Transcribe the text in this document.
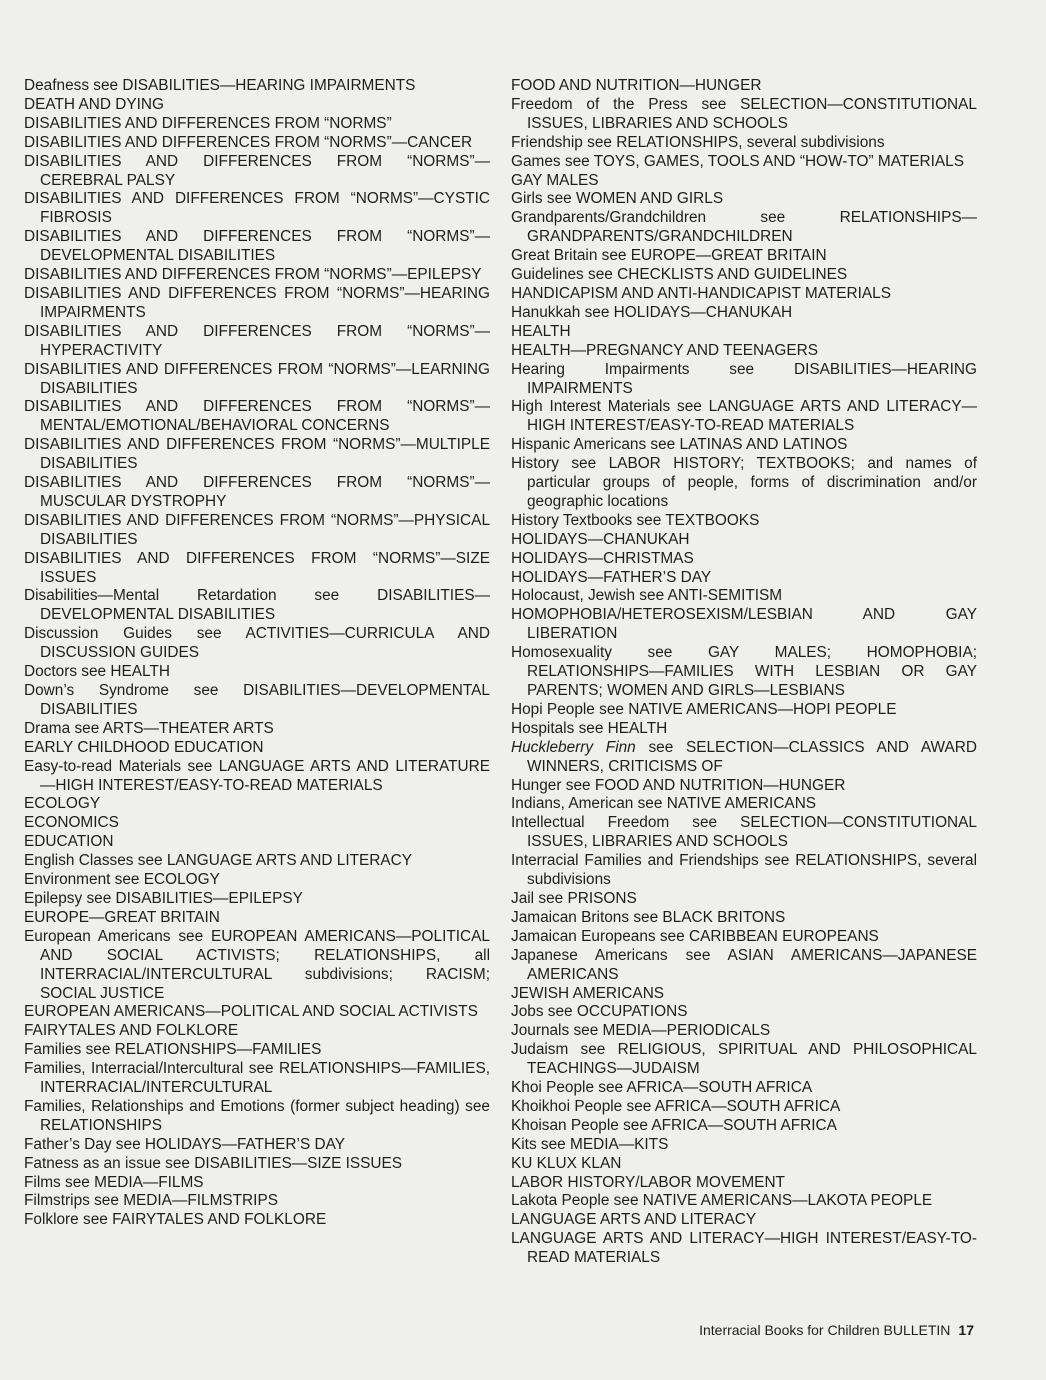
Deafness see DISABILITIES—HEARING IMPAIRMENTS

DEATH AND DYING

DISABILITIES AND DIFFERENCES FROM “NORMS”

DISABILITIES AND DIFFERENCES FROM “NORMS”—CANCER

DISABILITIES AND DIFFERENCES FROM “NORMS”—CEREBRAL PALSY

DISABILITIES AND DIFFERENCES FROM “NORMS”—CYSTIC FIBROSIS

DISABILITIES AND DIFFERENCES FROM “NORMS”—DEVELOPMENTAL DISABILITIES

DISABILITIES AND DIFFERENCES FROM “NORMS”—EPILEPSY

DISABILITIES AND DIFFERENCES FROM “NORMS”—HEARING IMPAIRMENTS

DISABILITIES AND DIFFERENCES FROM “NORMS”—HYPERACTIVITY

DISABILITIES AND DIFFERENCES FROM “NORMS”—LEARNING DISABILITIES

DISABILITIES AND DIFFERENCES FROM “NORMS”—MENTAL/EMOTIONAL/BEHAVIORAL CONCERNS

DISABILITIES AND DIFFERENCES FROM “NORMS”—MULTIPLE DISABILITIES

DISABILITIES AND DIFFERENCES FROM “NORMS”—MUSCULAR DYSTROPHY

DISABILITIES AND DIFFERENCES FROM “NORMS”—PHYSICAL DISABILITIES

DISABILITIES AND DIFFERENCES FROM “NORMS”—SIZE ISSUES

Disabilities—Mental Retardation see DISABILITIES—DEVELOPMENTAL DISABILITIES

Discussion Guides see ACTIVITIES—CURRICULA AND DISCUSSION GUIDES

Doctors see HEALTH

Down’s Syndrome see DISABILITIES—DEVELOPMENTAL DISABILITIES

Drama see ARTS—THEATER ARTS

EARLY CHILDHOOD EDUCATION

Easy-to-read Materials see LANGUAGE ARTS AND LITERATURE—HIGH INTEREST/EASY-TO-READ MATERIALS

ECOLOGY

ECONOMICS

EDUCATION

English Classes see LANGUAGE ARTS AND LITERACY

Environment see ECOLOGY

Epilepsy see DISABILITIES—EPILEPSY

EUROPE—GREAT BRITAIN

European Americans see EUROPEAN AMERICANS—POLITICAL AND SOCIAL ACTIVISTS; RELATIONSHIPS, all INTERRACIAL/INTERCULTURAL subdivisions; RACISM; SOCIAL JUSTICE

EUROPEAN AMERICANS—POLITICAL AND SOCIAL ACTIVISTS

FAIRYTALES AND FOLKLORE

Families see RELATIONSHIPS—FAMILIES

Families, Interracial/Intercultural see RELATIONSHIPS—FAMILIES, INTERRACIAL/INTERCULTURAL

Families, Relationships and Emotions (former subject heading) see RELATIONSHIPS

Father’s Day see HOLIDAYS—FATHER’S DAY

Fatness as an issue see DISABILITIES—SIZE ISSUES

Films see MEDIA—FILMS

Filmstrips see MEDIA—FILMSTRIPS

Folklore see FAIRYTALES AND FOLKLORE

FOOD AND NUTRITION—HUNGER

Freedom of the Press see SELECTION—CONSTITUTIONAL ISSUES, LIBRARIES AND SCHOOLS

Friendship see RELATIONSHIPS, several subdivisions

Games see TOYS, GAMES, TOOLS AND “HOW-TO” MATERIALS

GAY MALES

Girls see WOMEN AND GIRLS

Grandparents/Grandchildren see RELATIONSHIPS—GRANDPARENTS/GRANDCHILDREN

Great Britain see EUROPE—GREAT BRITAIN

Guidelines see CHECKLISTS AND GUIDELINES

HANDICAPISM AND ANTI-HANDICAPIST MATERIALS

Hanukkah see HOLIDAYS—CHANUKAH

HEALTH

HEALTH—PREGNANCY AND TEENAGERS

Hearing Impairments see DISABILITIES—HEARING IMPAIRMENTS

High Interest Materials see LANGUAGE ARTS AND LITERACY—HIGH INTEREST/EASY-TO-READ MATERIALS

Hispanic Americans see LATINAS AND LATINOS

History see LABOR HISTORY; TEXTBOOKS; and names of particular groups of people, forms of discrimination and/or geographic locations

History Textbooks see TEXTBOOKS

HOLIDAYS—CHANUKAH

HOLIDAYS—CHRISTMAS

HOLIDAYS—FATHER’S DAY

Holocaust, Jewish see ANTI-SEMITISM

HOMOPHOBIA/HETEROSEXISM/LESBIAN AND GAY LIBERATION

Homosexuality see GAY MALES; HOMOPHOBIA; RELATIONSHIPS—FAMILIES WITH LESBIAN OR GAY PARENTS; WOMEN AND GIRLS—LESBIANS

Hopi People see NATIVE AMERICANS—HOPI PEOPLE

Hospitals see HEALTH

Huckleberry Finn see SELECTION—CLASSICS AND AWARD WINNERS, CRITICISMS OF

Hunger see FOOD AND NUTRITION—HUNGER

Indians, American see NATIVE AMERICANS

Intellectual Freedom see SELECTION—CONSTITUTIONAL ISSUES, LIBRARIES AND SCHOOLS

Interracial Families and Friendships see RELATIONSHIPS, several subdivisions

Jail see PRISONS

Jamaican Britons see BLACK BRITONS

Jamaican Europeans see CARIBBEAN EUROPEANS

Japanese Americans see ASIAN AMERICANS—JAPANESE AMERICANS

JEWISH AMERICANS

Jobs see OCCUPATIONS

Journals see MEDIA—PERIODICALS

Judaism see RELIGIOUS, SPIRITUAL AND PHILOSOPHICAL TEACHINGS—JUDAISM

Khoi People see AFRICA—SOUTH AFRICA

Khoikhoi People see AFRICA—SOUTH AFRICA

Khoisan People see AFRICA—SOUTH AFRICA

Kits see MEDIA—KITS

KU KLUX KLAN

LABOR HISTORY/LABOR MOVEMENT

Lakota People see NATIVE AMERICANS—LAKOTA PEOPLE

LANGUAGE ARTS AND LITERACY

LANGUAGE ARTS AND LITERACY—HIGH INTEREST/EASY-TO-READ MATERIALS

Interracial Books for Children BULLETIN 17
